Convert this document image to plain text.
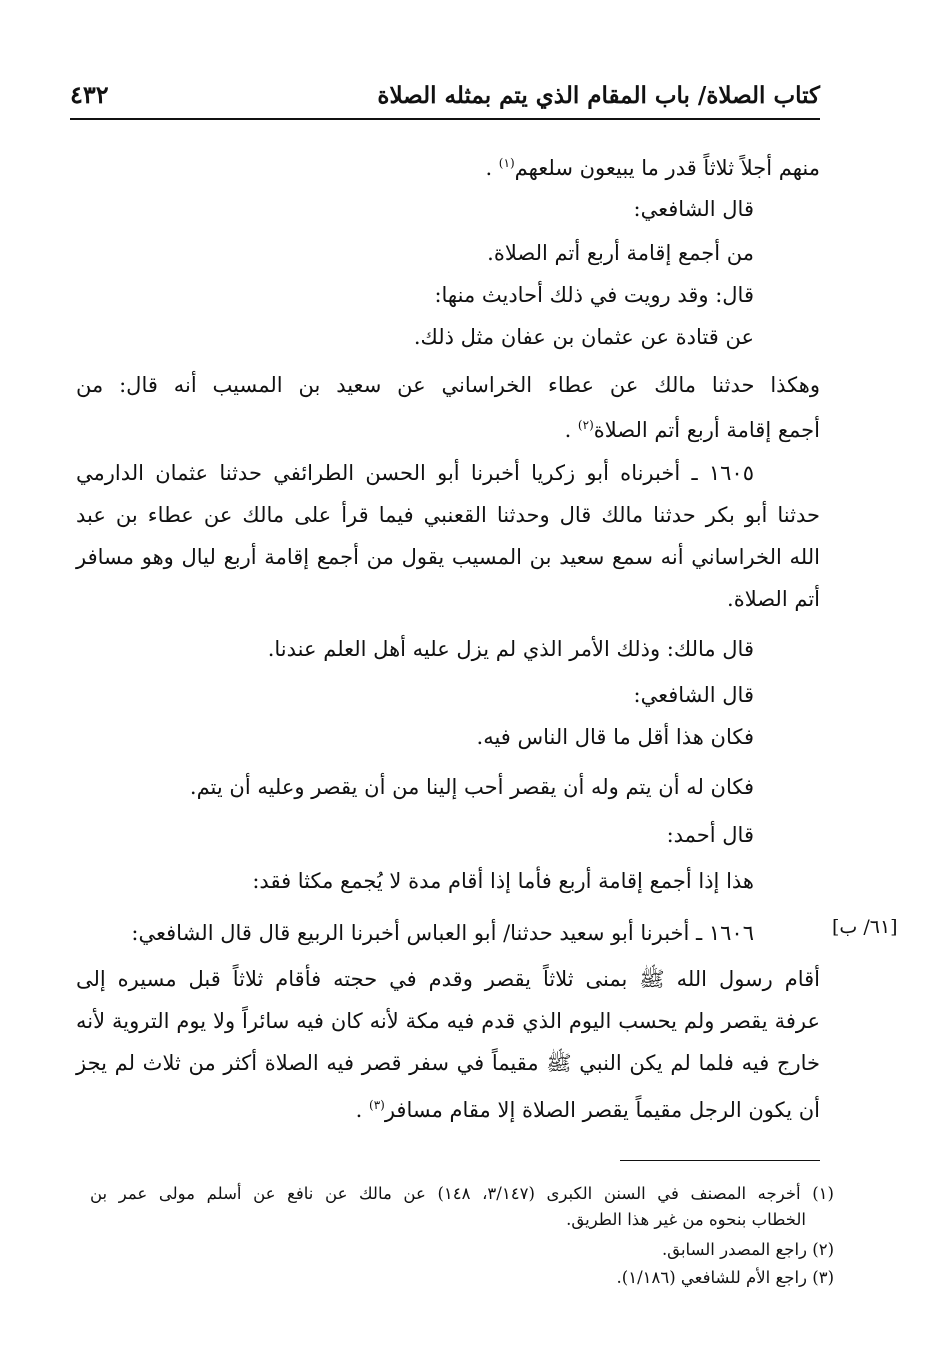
كتاب الصلاة/ باب المقام الذي يتم بمثله الصلاة
٤٣٢
منهم أجلاً ثلاثاً قدر ما يبيعون سلعهم$^{(١)}$ .
قال الشافعي:
من أجمع إقامة أربع أتم الصلاة.
قال: وقد رويت في ذلك أحاديث منها:
عن قتادة عن عثمان بن عفان مثل ذلك.
وهكذا حدثنا مالك عن عطاء الخراساني عن سعيد بن المسيب أنه قال: من
أجمع إقامة أربع أتم الصلاة$^{(٢)}$ .
١٦٠٥ ـ أخبرناه أبو زكريا أخبرنا أبو الحسن الطرائفي حدثنا عثمان الدارمي
حدثنا أبو بكر حدثنا مالك قال وحدثنا القعنبي فيما قرأ على مالك عن عطاء بن عبد
الله الخراساني أنه سمع سعيد بن المسيب يقول من أجمع إقامة أربع ليال وهو مسافر
أتم الصلاة.
قال مالك: وذلك الأمر الذي لم يزل عليه أهل العلم عندنا.
قال الشافعي:
فكان هذا أقل ما قال الناس فيه.
فكان له أن يتم وله أن يقصر أحب إلينا من أن يقصر وعليه أن يتم.
قال أحمد:
هذا إذا أجمع إقامة أربع فأما إذا أقام مدة لا يُجمع مكثا فقد:
١٦٠٦ ـ أخبرنا أبو سعيد حدثنا/ أبو العباس أخبرنا الربيع قال قال الشافعي:
أقام رسول الله ﷺ بمنى ثلاثاً يقصر وقدم في حجته فأقام ثلاثاً قبل مسيره إلى
عرفة يقصر ولم يحسب اليوم الذي قدم فيه مكة لأنه كان فيه سائراً ولا يوم التروية لأنه
خارج فيه فلما لم يكن النبي ﷺ مقيماً في سفر قصر فيه الصلاة أكثر من ثلاث لم يجز
أن يكون الرجل مقيماً يقصر الصلاة إلا مقام مسافر$^{(٣)}$ .
[٦١/ ب]
(١) أخرجه المصنف في السنن الكبرى (٣/١٤٧، ١٤٨) عن مالك عن نافع عن أسلم مولى عمر بن
الخطاب بنحوه من غير هذا الطريق.
(٢) راجع المصدر السابق.
(٣) راجع الأم للشافعي (١/١٨٦).
